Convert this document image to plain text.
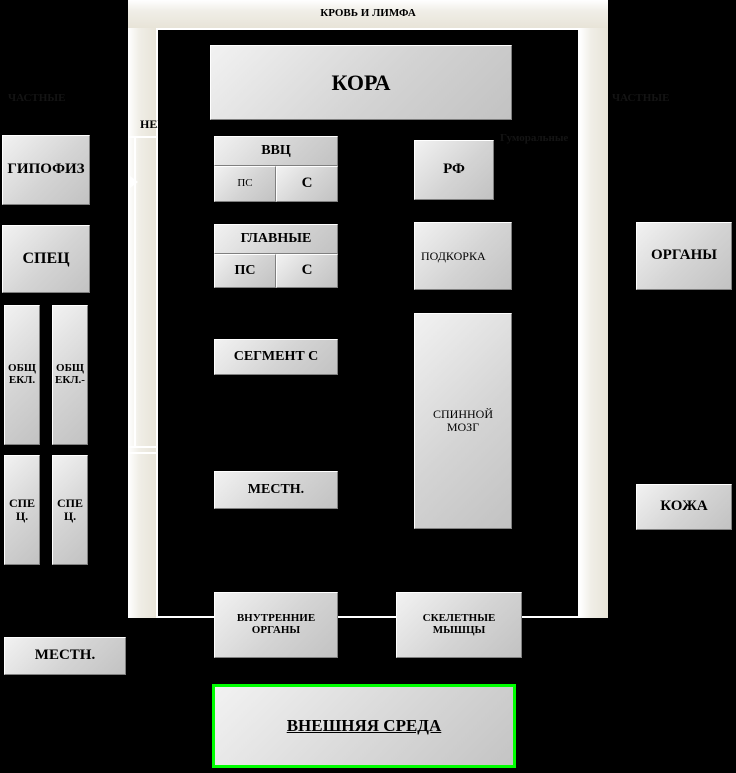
КРОВЬ И ЛИМФА
НЕРВЫ
ЧАСТНЫЕ	ЧАСТНЫЕ
Гуморальные
КОРА
ВВЦ
ПС	С
ГЛАВНЫЕ
ПС	С
СЕГМЕНТ С
МЕСТН.
ВНУТРЕННИЕ ОРГАНЫ
РФ
ПОДКОРКА
СПИННОЙ МОЗГ
СКЕЛЕТНЫЕ МЫШЦЫ
ГИПОФИЗ
СПЕЦ
ОБЩЕКЛ.
ОБЩЕКЛ.-
СПЕЦ.
СПЕЦ.
МЕСТН.
ОРГАНЫ
КОЖА
ВНЕШНЯЯ СРЕДА
